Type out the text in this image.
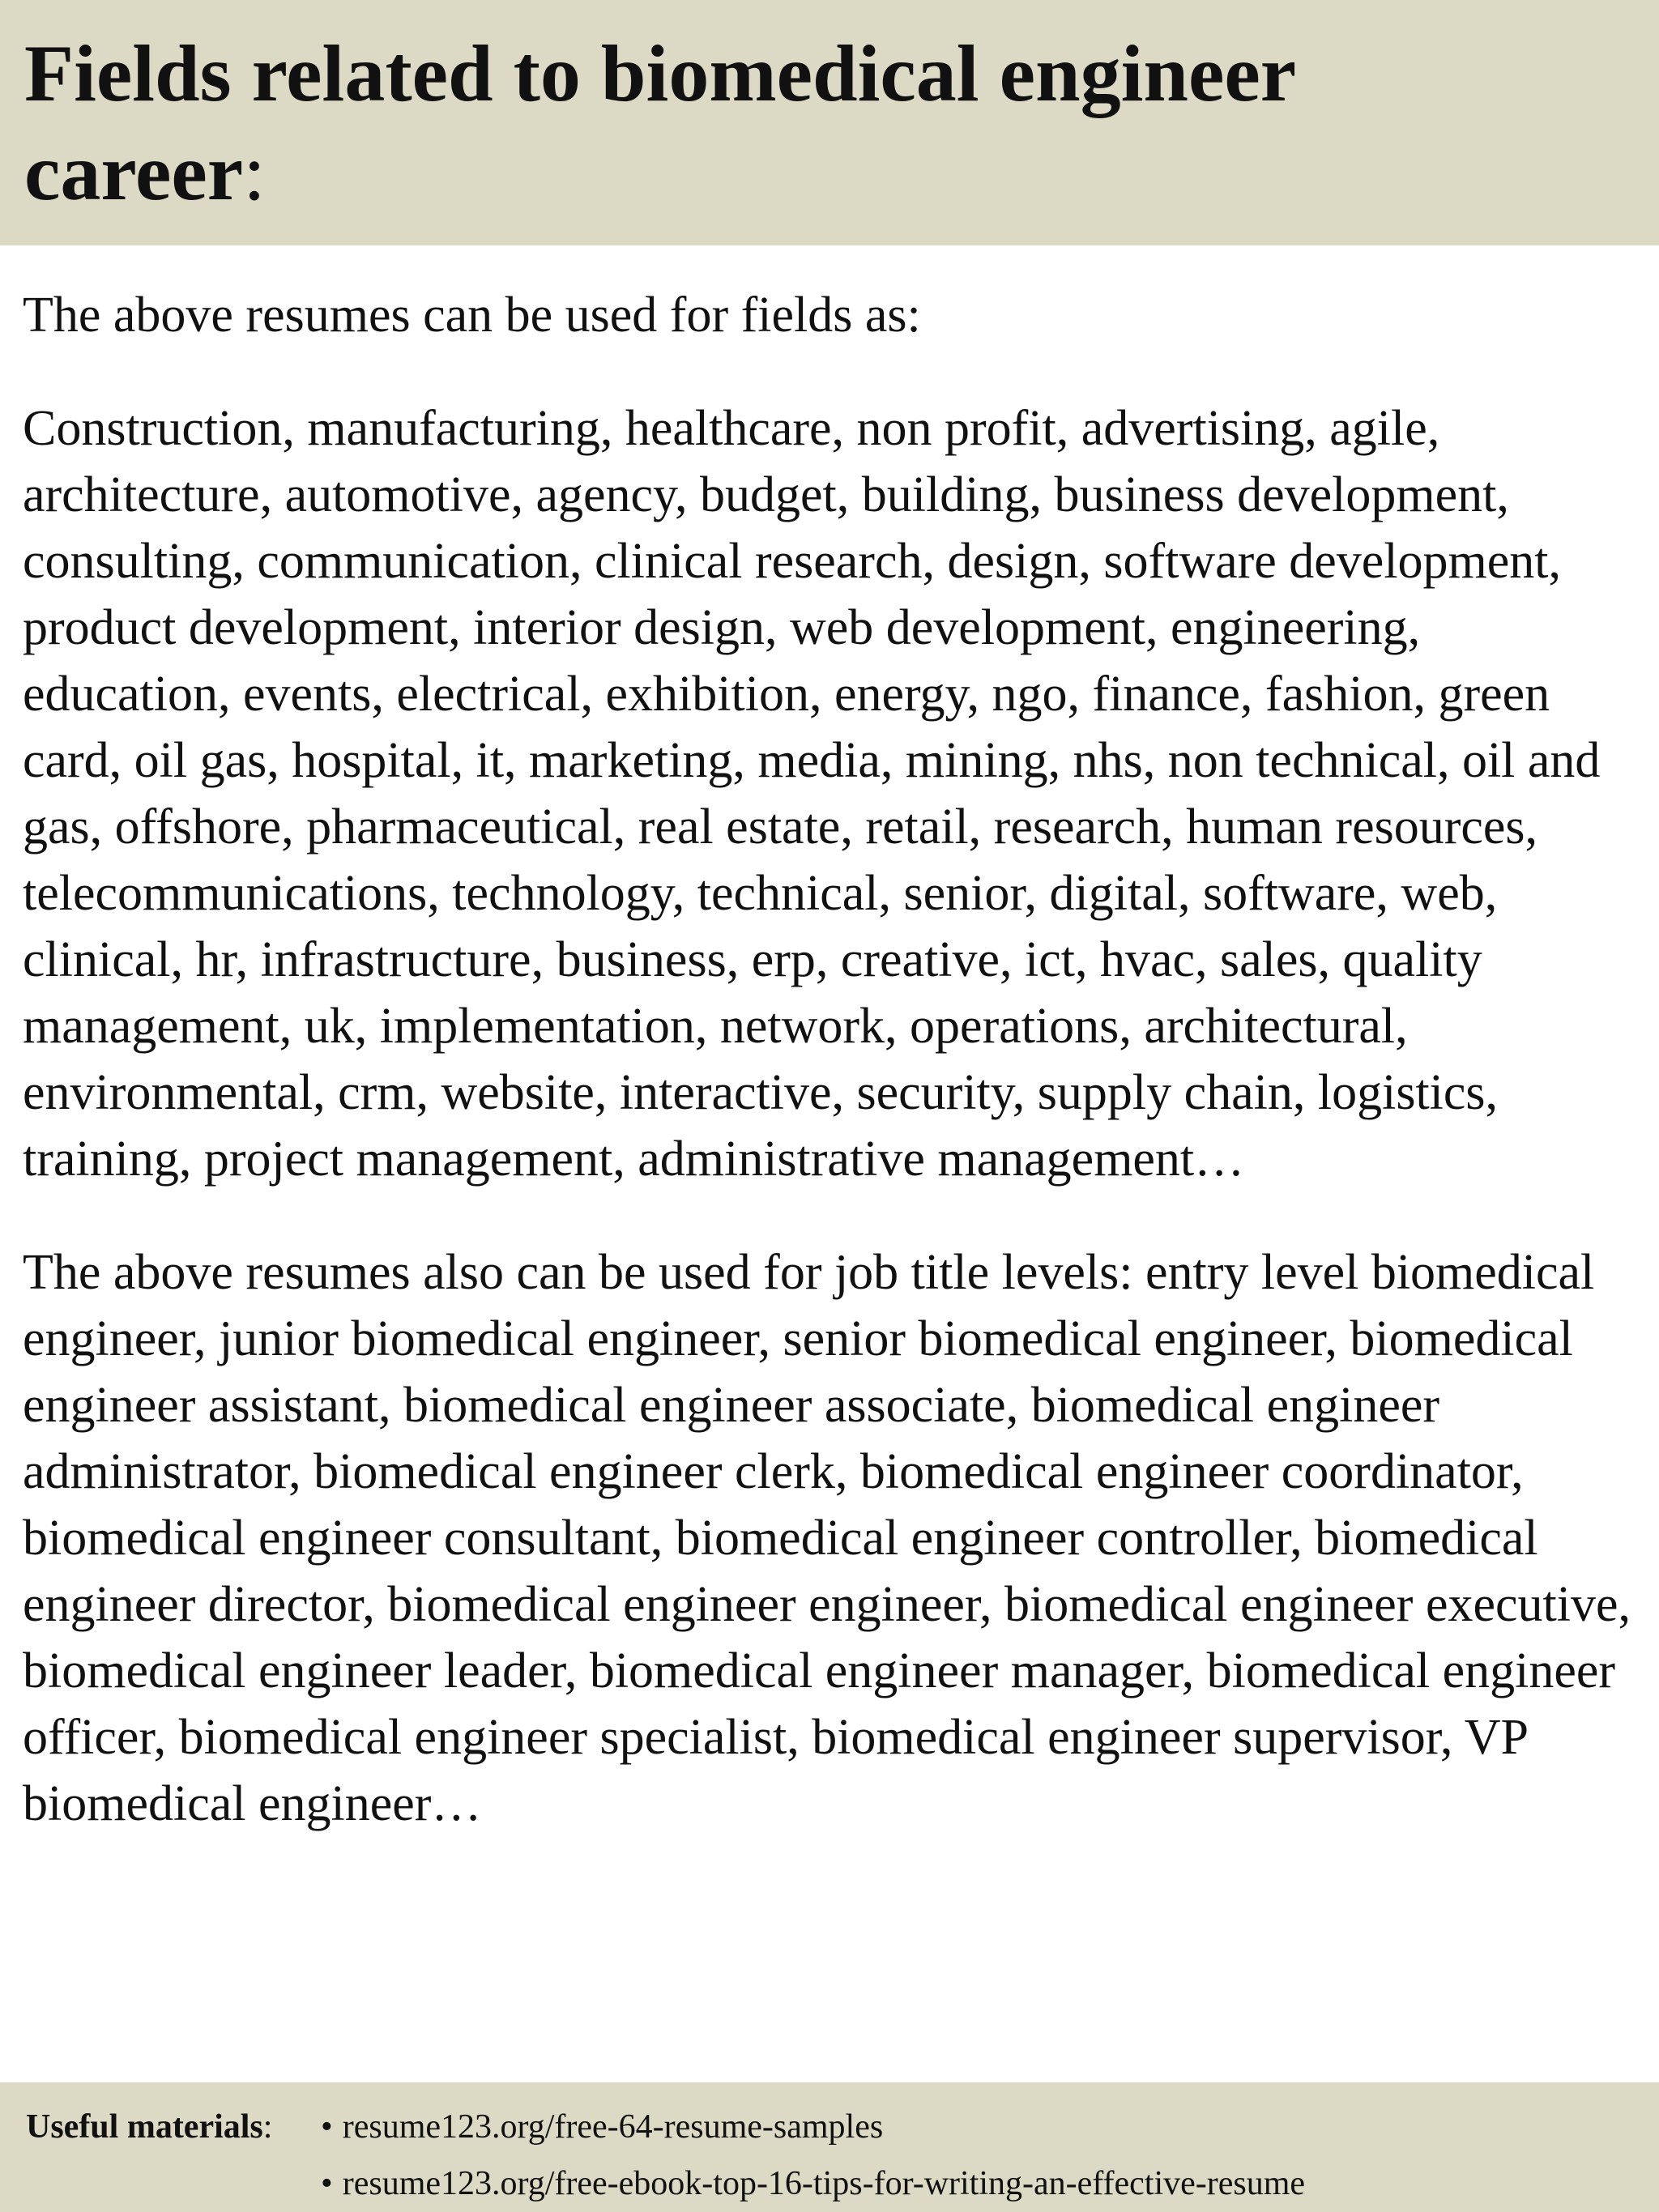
Fields related to biomedical engineer career:

The above resumes can be used for fields as:

Construction, manufacturing, healthcare, non profit, advertising, agile, architecture, automotive, agency, budget, building, business development, consulting, communication, clinical research, design, software development, product development, interior design, web development, engineering, education, events, electrical, exhibition, energy, ngo, finance, fashion, green card, oil gas, hospital, it, marketing, media, mining, nhs, non technical, oil and gas, offshore, pharmaceutical, real estate, retail, research, human resources, telecommunications, technology, technical, senior, digital, software, web, clinical, hr, infrastructure, business, erp, creative, ict, hvac, sales, quality management, uk, implementation, network, operations, architectural, environmental, crm, website, interactive, security, supply chain, logistics, training, project management, administrative management…

The above resumes also can be used for job title levels: entry level biomedical engineer, junior biomedical engineer, senior biomedical engineer, biomedical engineer assistant, biomedical engineer associate, biomedical engineer administrator, biomedical engineer clerk, biomedical engineer coordinator, biomedical engineer consultant, biomedical engineer controller, biomedical engineer director, biomedical engineer engineer, biomedical engineer executive, biomedical engineer leader, biomedical engineer manager, biomedical engineer officer, biomedical engineer specialist, biomedical engineer supervisor, VP biomedical engineer…

Useful materials:	• resume123.org/free-64-resume-samples
• resume123.org/free-ebook-top-16-tips-for-writing-an-effective-resume
